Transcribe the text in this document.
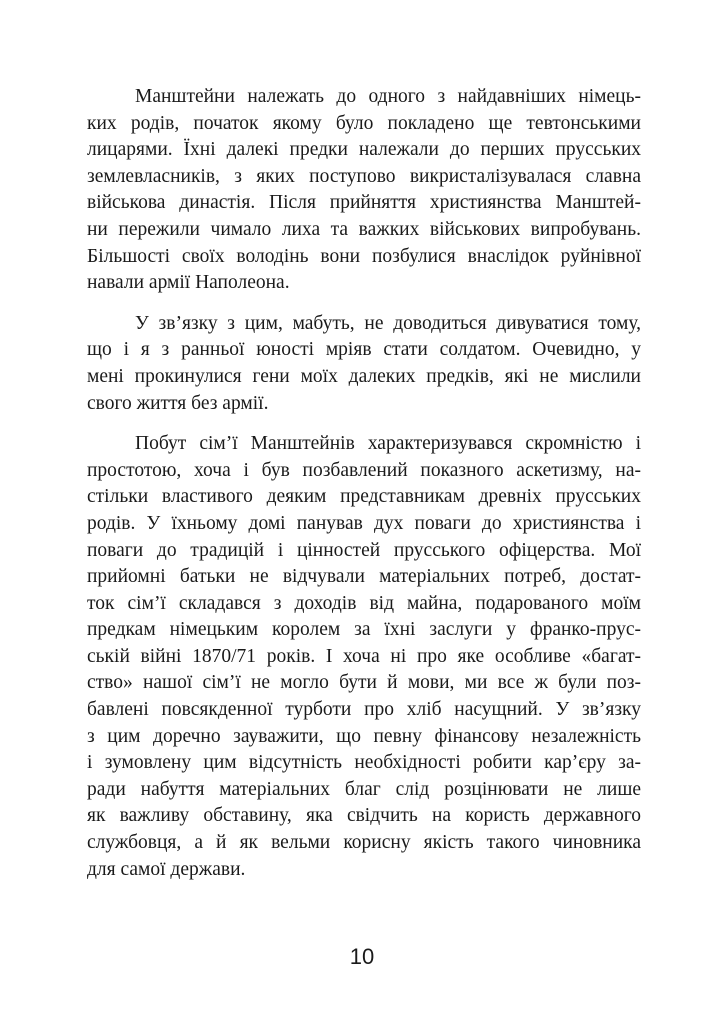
Манштейни належать до одного з найдавніших німець-
ких родів, початок якому було покладено ще тевтонськими
лицарями. Їхні далекі предки належали до перших прусських
землевласників, з яких поступово викристалізувалася славна
військова династія. Після прийняття християнства Манштей-
ни пережили чимало лиха та важких військових випробувань.
Більшості своїх володінь вони позбулися внаслідок руйнівної
навали армії Наполеона.

У зв’язку з цим, мабуть, не доводиться дивуватися тому,
що і я з ранньої юності мріяв стати солдатом. Очевидно, у
мені прокинулися гени моїх далеких предків, які не мислили
свого життя без армії.

Побут сім’ї Манштейнів характеризувався скромністю і
простотою, хоча і був позбавлений показного аскетизму, на-
стільки властивого деяким представникам древніх прусських
родів. У їхньому домі панував дух поваги до християнства і
поваги до традицій і цінностей прусського офіцерства. Мої
прийомні батьки не відчували матеріальних потреб, достат-
ток сім’ї складався з доходів від майна, подарованого моїм
предкам німецьким королем за їхні заслуги у франко-прус-
ській війні 1870/71 років. І хоча ні про яке особливе «багат-
ство» нашої сім’ї не могло бути й мови, ми все ж були поз-
бавлені повсякденної турботи про хліб насущний. У зв’язку
з цим доречно зауважити, що певну фінансову незалежність
і зумовлену цим відсутність необхідності робити кар’єру за-
ради набуття матеріальних благ слід розцінювати не лише
як важливу обставину, яка свідчить на користь державного
службовця, а й як вельми корисну якість такого чиновника
для самої держави.

10
